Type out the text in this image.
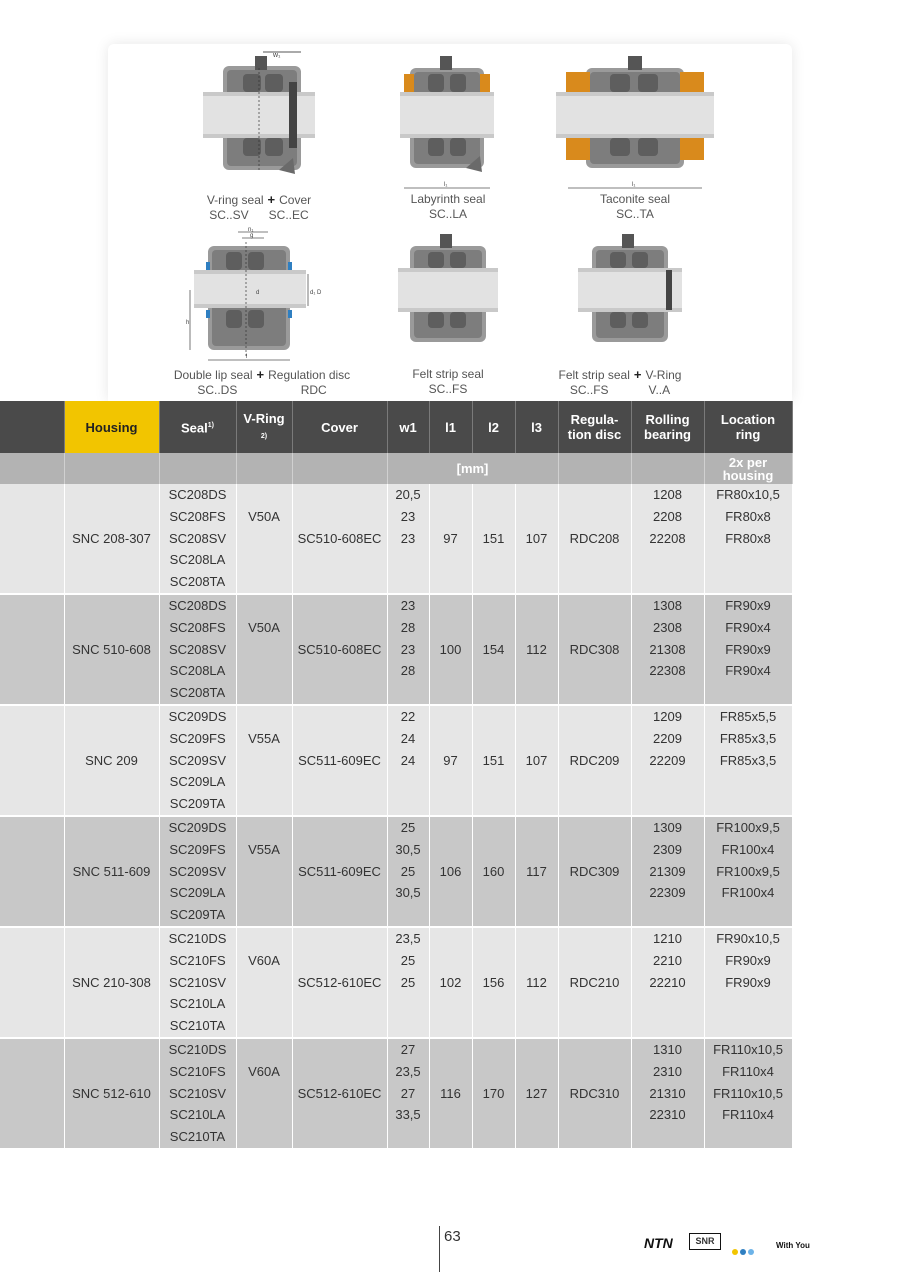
w₁
l₁	l₁
n₁
g
d	d₁ D
h
l
V-ring seal + Cover
SC..SV SC..EC
Labyrinth seal
SC..LA
Taconite seal
SC..TA
Double lip seal + Regulation disc
SC..DS	RDC
Felt strip seal
SC..FS
Felt strip seal + V-Ring
SC..FS	V..A
	Housing	Seal$^{1)}$	V-Ring
2)	Cover	w1	l1	l2	l3	Regula-
tion disc	Rolling
bearing	Location
ring
					[mm]						2x per
housing
	SNC 208-307	SC208DS
SC208FS
SC208SV
SC208LA
SC208TA	V50A	SC510-608EC	20,5
23
23	97	151	107	RDC208	1208
2208
22208	FR80x10,5
FR80x8
FR80x8

	SNC 510-608	SC208DS
SC208FS
SC208SV
SC208LA
SC208TA	V50A	SC510-608EC	23
28
23
28	100	154	112	RDC308	1308
2308
21308
22308	FR90x9
FR90x4
FR90x9
FR90x4

	SNC 209	SC209DS
SC209FS
SC209SV
SC209LA
SC209TA	V55A	SC511-609EC	22
24
24	97	151	107	RDC209	1209
2209
22209	FR85x5,5
FR85x3,5
FR85x3,5

	SNC 511-609	SC209DS
SC209FS
SC209SV
SC209LA
SC209TA	V55A	SC511-609EC	25
30,5
25
30,5	106	160	117	RDC309	1309
2309
21309
22309	FR100x9,5
FR100x4
FR100x9,5
FR100x4

	SNC 210-308	SC210DS
SC210FS
SC210SV
SC210LA
SC210TA	V60A	SC512-610EC	23,5
25
25	102	156	112	RDC210	1210
2210
22210	FR90x10,5
FR90x9
FR90x9

	SNC 512-610	SC210DS
SC210FS
SC210SV
SC210LA
SC210TA	V60A	SC512-610EC	27
23,5
27
33,5	116	170	127	RDC310	1310
2310
21310
22310	FR110x10,5
FR110x4
FR110x10,5
FR110x4
63	NTN	SNR	With You
